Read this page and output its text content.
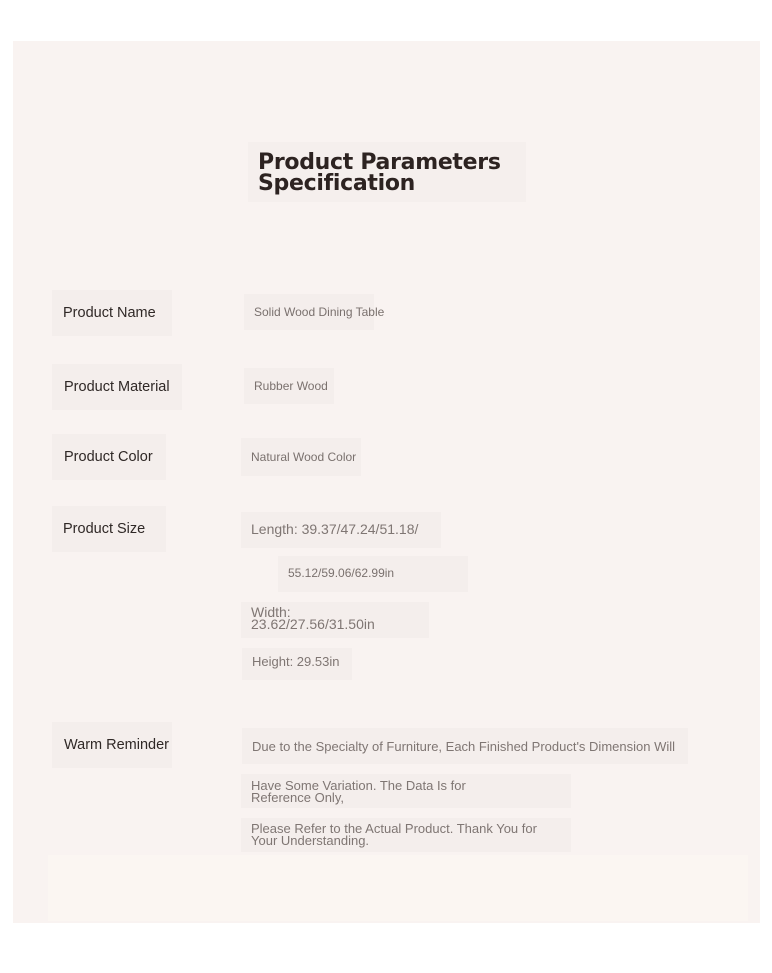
Product Parameters Specification
Product Name	Solid Wood Dining Table
Product Material	Rubber Wood
Product Color	Natural Wood Color
Product Size	Length: 39.37/47.24/51.18/
55.12/59.06/62.99in
Width: 23.62/27.56/31.50in
Height: 29.53in
Warm Reminder	Due to the Specialty of Furniture, Each Finished Product's Dimension Will
Have Some Variation. The Data Is for Reference Only,
Please Refer to the Actual Product. Thank You for Your Understanding.
